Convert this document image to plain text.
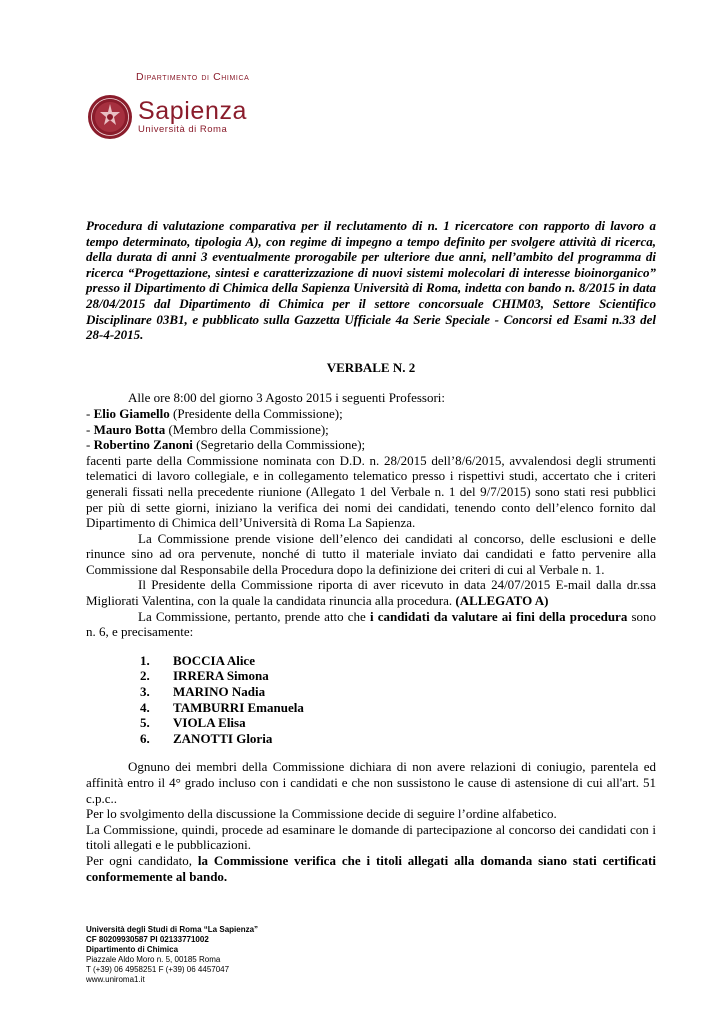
Dipartimento di Chimica
Sapienza
Università di Roma

Procedura di valutazione comparativa per il reclutamento di n. 1 ricercatore con rapporto di lavoro a tempo determinato, tipologia A), con regime di impegno a tempo definito per svolgere attività di ricerca, della durata di anni 3 eventualmente prorogabile per ulteriore due anni, nell’ambito del programma di ricerca “Progettazione, sintesi e caratterizzazione di nuovi sistemi molecolari di interesse bioinorganico” presso il Dipartimento di Chimica della Sapienza Università di Roma, indetta con bando n. 8/2015 in data 28/04/2015 dal Dipartimento di Chimica per il settore concorsuale CHIM03, Settore Scientifico Disciplinare 03B1, e pubblicato sulla Gazzetta Ufficiale 4a Serie Speciale - Concorsi ed Esami n.33 del 28-4-2015.

VERBALE N. 2

Alle ore 8:00 del giorno 3 Agosto 2015 i seguenti Professori:

- Elio Giamello (Presidente della Commissione);
- Mauro Botta (Membro della Commissione);
- Robertino Zanoni (Segretario della Commissione);

facenti parte della Commissione nominata con D.D. n. 28/2015 dell’8/6/2015, avvalendosi degli strumenti telematici di lavoro collegiale, e in collegamento telematico presso i rispettivi studi, accertato che i criteri generali fissati nella precedente riunione (Allegato 1 del Verbale n. 1 del 9/7/2015) sono stati resi pubblici per più di sette giorni, iniziano la verifica dei nomi dei candidati, tenendo conto dell’elenco fornito dal Dipartimento di Chimica dell’Università di Roma La Sapienza.

La Commissione prende visione dell’elenco dei candidati al concorso, delle esclusioni e delle rinunce sino ad ora pervenute, nonché di tutto il materiale inviato dai candidati e fatto pervenire alla Commissione dal Responsabile della Procedura dopo la definizione dei criteri di cui al Verbale n. 1.

Il Presidente della Commissione riporta di aver ricevuto in data 24/07/2015 E-mail dalla dr.ssa Migliorati Valentina, con la quale la candidata rinuncia alla procedura. (ALLEGATO A)

La Commissione, pertanto, prende atto che i candidati da valutare ai fini della procedura sono n. 6, e precisamente:

1.	BOCCIA Alice
2.	IRRERA Simona
3.	MARINO Nadia
4.	TAMBURRI Emanuela
5.	VIOLA Elisa
6.	ZANOTTI Gloria

Ognuno dei membri della Commissione dichiara di non avere relazioni di coniugio, parentela ed affinità entro il 4° grado incluso con i candidati e che non sussistono le cause di astensione di cui all'art. 51 c.p.c..

Per lo svolgimento della discussione la Commissione decide di seguire l’ordine alfabetico.

La Commissione, quindi, procede ad esaminare le domande di partecipazione al concorso dei candidati con i titoli allegati e le pubblicazioni.

Per ogni candidato, la Commissione verifica che i titoli allegati alla domanda siano stati certificati conformemente al bando.

Università degli Studi di Roma “La Sapienza”
CF 80209930587 PI 02133771002
Dipartimento di Chimica
Piazzale Aldo Moro n. 5, 00185 Roma
T (+39) 06 4958251 F (+39) 06 4457047
www.uniroma1.it
